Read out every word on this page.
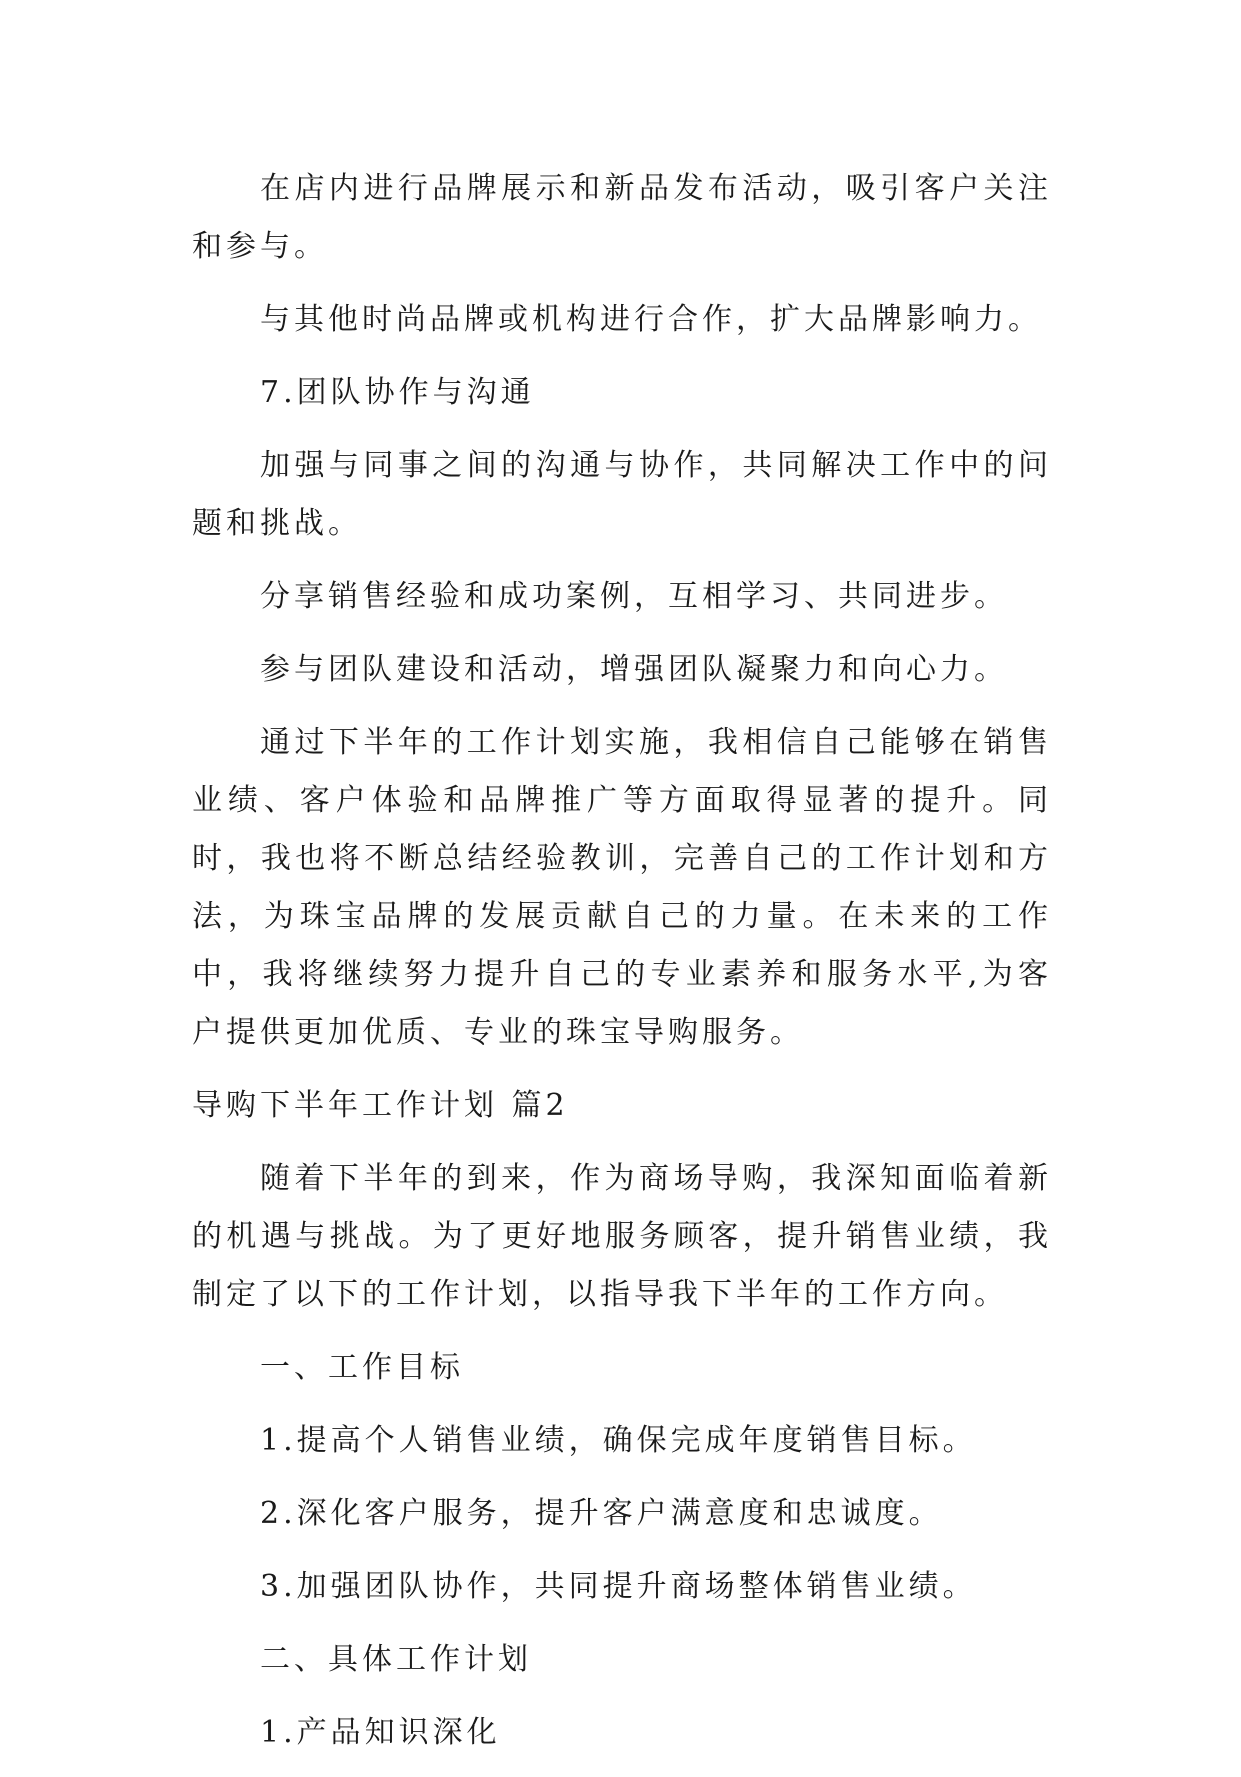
在店内进行品牌展示和新品发布活动，吸引客户关注和参与。

与其他时尚品牌或机构进行合作，扩大品牌影响力。

7.团队协作与沟通

加强与同事之间的沟通与协作，共同解决工作中的问题和挑战。

分享销售经验和成功案例，互相学习、共同进步。

参与团队建设和活动，增强团队凝聚力和向心力。

通过下半年的工作计划实施，我相信自己能够在销售业绩、客户体验和品牌推广等方面取得显著的提升。同时，我也将不断总结经验教训，完善自己的工作计划和方法，为珠宝品牌的发展贡献自己的力量。在未来的工作中，我将继续努力提升自己的专业素养和服务水平,为客户提供更加优质、专业的珠宝导购服务。

导购下半年工作计划 篇2

随着下半年的到来，作为商场导购，我深知面临着新的机遇与挑战。为了更好地服务顾客，提升销售业绩，我制定了以下的工作计划，以指导我下半年的工作方向。

一、工作目标

1.提高个人销售业绩，确保完成年度销售目标。

2.深化客户服务，提升客户满意度和忠诚度。

3.加强团队协作，共同提升商场整体销售业绩。

二、具体工作计划

1.产品知识深化
